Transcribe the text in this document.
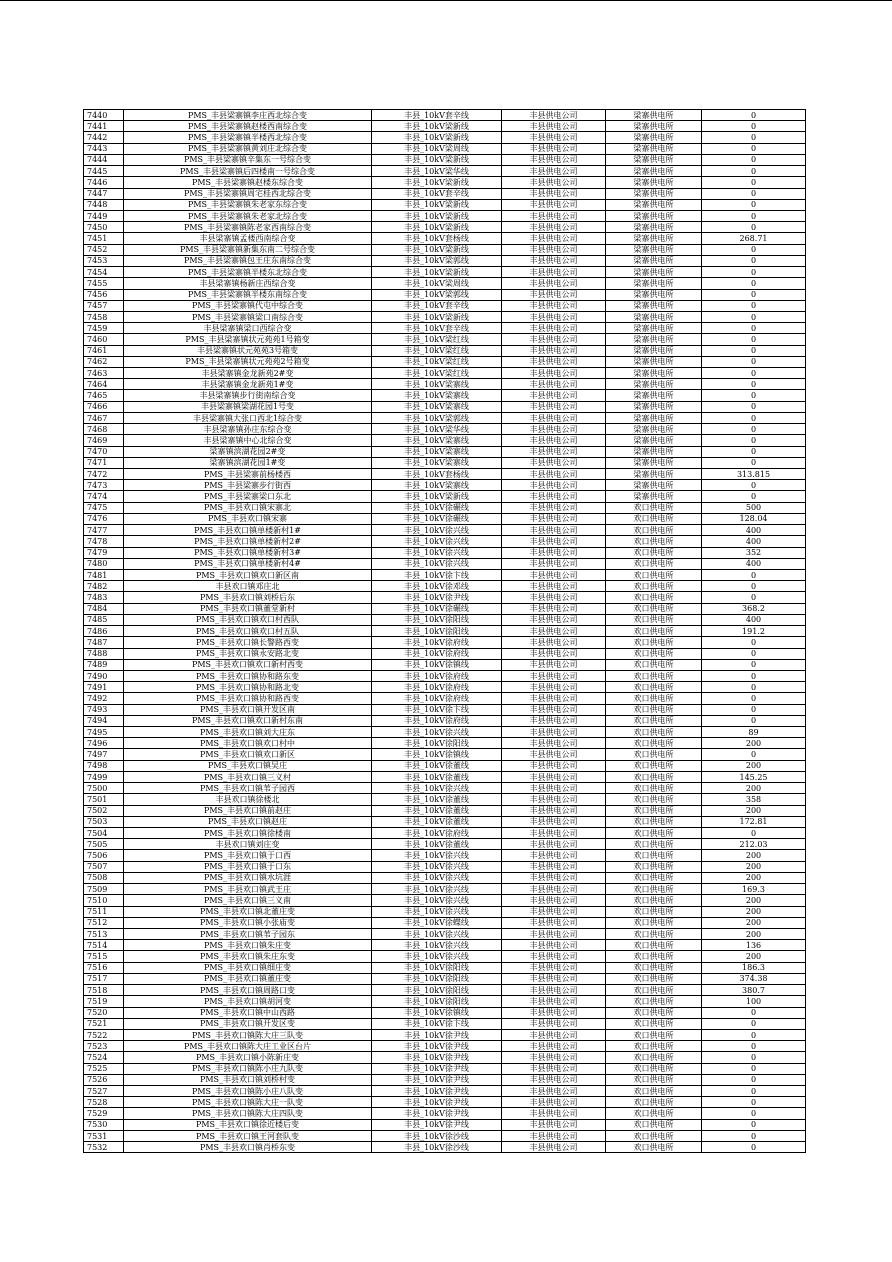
7440	PMS_丰县梁寨镇李庄西北综合变	丰县_10kV套辛线	丰县供电公司	梁寨供电所	0
7441	PMS_丰县梁寨镇赵楼西南综合变	丰县_10kV梁新线	丰县供电公司	梁寨供电所	0
7442	PMS_丰县梁寨镇半楼西北综合变	丰县_10kV梁新线	丰县供电公司	梁寨供电所	0
7443	PMS_丰县梁寨镇黄刘庄北综合变	丰县_10kV梁周线	丰县供电公司	梁寨供电所	0
7444	PMS_丰县梁寨镇辛集东一号综合变	丰县_10kV梁新线	丰县供电公司	梁寨供电所	0
7445	PMS_丰县梁寨镇后四楼南一号综合变	丰县_10kV梁华线	丰县供电公司	梁寨供电所	0
7446	PMS_丰县梁寨镇赵楼东综合变	丰县_10kV梁新线	丰县供电公司	梁寨供电所	0
7447	PMS_丰县梁寨镇周宅桂西北综合变	丰县_10kV套辛线	丰县供电公司	梁寨供电所	0
7448	PMS_丰县梁寨镇朱老家东综合变	丰县_10kV梁新线	丰县供电公司	梁寨供电所	0
7449	PMS_丰县梁寨镇朱老家北综合变	丰县_10kV梁新线	丰县供电公司	梁寨供电所	0
7450	PMS_丰县梁寨镇陈老家西南综合变	丰县_10kV梁新线	丰县供电公司	梁寨供电所	0
7451	丰县梁寨镇孟楼西南综合变	丰县_10kV套杨线	丰县供电公司	梁寨供电所	268.71
7452	PMS_丰县梁寨镇新集东南二号综合变	丰县_10kV梁新线	丰县供电公司	梁寨供电所	0
7453	PMS_丰县梁寨镇包王庄东南综合变	丰县_10kV梁郭线	丰县供电公司	梁寨供电所	0
7454	PMS_丰县梁寨镇半楼东北综合变	丰县_10kV梁新线	丰县供电公司	梁寨供电所	0
7455	丰县梁寨镇杨新庄西综合变	丰县_10kV梁周线	丰县供电公司	梁寨供电所	0
7456	PMS_丰县梁寨镇半楼东南综合变	丰县_10kV梁郭线	丰县供电公司	梁寨供电所	0
7457	PMS_丰县梁寨镇代屯中综合变	丰县_10kV套辛线	丰县供电公司	梁寨供电所	0
7458	PMS_丰县梁寨镇梁口南综合变	丰县_10kV梁新线	丰县供电公司	梁寨供电所	0
7459	丰县梁寨镇梁口西综合变	丰县_10kV套辛线	丰县供电公司	梁寨供电所	0
7460	PMS_丰县梁寨镇状元苑苑1号箱变	丰县_10kV梁红线	丰县供电公司	梁寨供电所	0
7461	丰县梁寨镇状元苑苑3号箱变	丰县_10kV梁红线	丰县供电公司	梁寨供电所	0
7462	PMS_丰县梁寨镇状元苑苑2号箱变	丰县_10kV梁红线	丰县供电公司	梁寨供电所	0
7463	丰县梁寨镇金龙新苑2#变	丰县_10kV梁红线	丰县供电公司	梁寨供电所	0
7464	丰县梁寨镇金龙新苑1#变	丰县_10kV梁寨线	丰县供电公司	梁寨供电所	0
7465	丰县梁寨镇步行街南综合变	丰县_10kV梁寨线	丰县供电公司	梁寨供电所	0
7466	丰县梁寨镇梁湖花园1号变	丰县_10kV梁寨线	丰县供电公司	梁寨供电所	0
7467	丰县梁寨镇大张口西北1综合变	丰县_10kV梁郭线	丰县供电公司	梁寨供电所	0
7468	丰县梁寨镇孙庄东综合变	丰县_10kV梁华线	丰县供电公司	梁寨供电所	0
7469	丰县梁寨镇中心北综合变	丰县_10kV梁寨线	丰县供电公司	梁寨供电所	0
7470	梁寨镇滨湖花园2#变	丰县_10kV梁寨线	丰县供电公司	梁寨供电所	0
7471	梁寨镇滨湖花园1#变	丰县_10kV梁寨线	丰县供电公司	梁寨供电所	0
7472	PMS_丰县梁寨前杨楼西	丰县_10kV套杨线	丰县供电公司	梁寨供电所	313.815
7473	PMS_丰县梁寨步行街西	丰县_10kV梁寨线	丰县供电公司	梁寨供电所	0
7474	PMS_丰县梁寨梁口东北	丰县_10kV梁新线	丰县供电公司	梁寨供电所	0
7475	PMS_丰县欢口镇宋寨北	丰县_10kV徐碾线	丰县供电公司	欢口供电所	500
7476	PMS_丰县欢口镇宋寨	丰县_10kV徐碾线	丰县供电公司	欢口供电所	128.04
7477	PMS_丰县欢口镇单楼新村1#	丰县_10kV徐兴线	丰县供电公司	欢口供电所	400
7478	PMS_丰县欢口镇单楼新村2#	丰县_10kV徐兴线	丰县供电公司	欢口供电所	400
7479	PMS_丰县欢口镇单楼新村3#	丰县_10kV徐兴线	丰县供电公司	欢口供电所	352
7480	PMS_丰县欢口镇单楼新村4#	丰县_10kV徐兴线	丰县供电公司	欢口供电所	400
7481	PMS_丰县欢口镇欢口新区南	丰县_10kV徐卞线	丰县供电公司	欢口供电所	0
7482	丰县欢口镇邓庄北	丰县_10kV徐邓线	丰县供电公司	欢口供电所	0
7483	PMS_丰县欢口镇刘桥后东	丰县_10kV徐尹线	丰县供电公司	欢口供电所	0
7484	PMS_丰县欢口镇董堂新村	丰县_10kV徐碾线	丰县供电公司	欢口供电所	368.2
7485	PMS_丰县欢口镇欢口村西队	丰县_10kV徐阳线	丰县供电公司	欢口供电所	400
7486	PMS_丰县欢口镇欢口村五队	丰县_10kV徐阳线	丰县供电公司	欢口供电所	191.2
7487	PMS_丰县欢口镇长警路西变	丰县_10kV徐府线	丰县供电公司	欢口供电所	0
7488	PMS_丰县欢口镇永安路北变	丰县_10kV徐府线	丰县供电公司	欢口供电所	0
7489	PMS_丰县欢口镇欢口新村西变	丰县_10kV徐镇线	丰县供电公司	欢口供电所	0
7490	PMS_丰县欢口镇协和路东变	丰县_10kV徐府线	丰县供电公司	欢口供电所	0
7491	PMS_丰县欢口镇协和路北变	丰县_10kV徐府线	丰县供电公司	欢口供电所	0
7492	PMS_丰县欢口镇协和路西变	丰县_10kV徐府线	丰县供电公司	欢口供电所	0
7493	PMS_丰县欢口镇开发区南	丰县_10kV徐卞线	丰县供电公司	欢口供电所	0
7494	PMS_丰县欢口镇欢口新村东南	丰县_10kV徐府线	丰县供电公司	欢口供电所	0
7495	PMS_丰县欢口镇刘大庄东	丰县_10kV徐兴线	丰县供电公司	欢口供电所	89
7496	PMS_丰县欢口镇欢口村中	丰县_10kV徐阳线	丰县供电公司	欢口供电所	200
7497	PMS_丰县欢口镇欢口新区	丰县_10kV徐镇线	丰县供电公司	欢口供电所	0
7498	PMS_丰县欢口镇吴庄	丰县_10kV徐董线	丰县供电公司	欢口供电所	200
7499	PMS_丰县欢口镇三义村	丰县_10kV徐董线	丰县供电公司	欢口供电所	145.25
7500	PMS_丰县欢口镇苇子园西	丰县_10kV徐兴线	丰县供电公司	欢口供电所	200
7501	丰县欢口镇徐楼北	丰县_10kV徐董线	丰县供电公司	欢口供电所	358
7502	PMS_丰县欢口镇前赵庄	丰县_10kV徐董线	丰县供电公司	欢口供电所	200
7503	PMS_丰县欢口镇赵庄	丰县_10kV徐董线	丰县供电公司	欢口供电所	172.81
7504	PMS_丰县欢口镇徐楼南	丰县_10kV徐府线	丰县供电公司	欢口供电所	0
7505	丰县欢口镇刘庄变	丰县_10kV徐董线	丰县供电公司	欢口供电所	212.03
7506	PMS_丰县欢口镇于口西	丰县_10kV徐兴线	丰县供电公司	欢口供电所	200
7507	PMS_丰县欢口镇于口东	丰县_10kV徐兴线	丰县供电公司	欢口供电所	200
7508	PMS_丰县欢口镇水坑涯	丰县_10kV徐兴线	丰县供电公司	欢口供电所	200
7509	PMS_丰县欢口镇武王庄	丰县_10kV徐兴线	丰县供电公司	欢口供电所	169.3
7510	PMS_丰县欢口镇三义南	丰县_10kV徐兴线	丰县供电公司	欢口供电所	200
7511	PMS_丰县欢口镇北董庄变	丰县_10kV徐兴线	丰县供电公司	欢口供电所	200
7512	PMS_丰县欢口镇小张庙变	丰县_10kV徐蝶线	丰县供电公司	欢口供电所	200
7513	PMS_丰县欢口镇苇子园东	丰县_10kV徐兴线	丰县供电公司	欢口供电所	200
7514	PMS_丰县欢口镇朱庄变	丰县_10kV徐兴线	丰县供电公司	欢口供电所	136
7515	PMS_丰县欢口镇朱庄东变	丰县_10kV徐兴线	丰县供电公司	欢口供电所	200
7516	PMS_丰县欢口镇细庄变	丰县_10kV徐阳线	丰县供电公司	欢口供电所	186.3
7517	PMS_丰县欢口镇董庄变	丰县_10kV徐阳线	丰县供电公司	欢口供电所	374.38
7518	PMS_丰县欢口镇周路口变	丰县_10kV徐阳线	丰县供电公司	欢口供电所	380.7
7519	PMS_丰县欢口镇胡河变	丰县_10kV徐阳线	丰县供电公司	欢口供电所	100
7520	PMS_丰县欢口镇中山西路	丰县_10kV徐镇线	丰县供电公司	欢口供电所	0
7521	PMS_丰县欢口镇开发区变	丰县_10kV徐卞线	丰县供电公司	欢口供电所	0
7522	PMS_丰县欢口镇陈大庄三队变	丰县_10kV徐尹线	丰县供电公司	欢口供电所	0
7523	PMS_丰县欢口镇陈大庄工业区台片	丰县_10kV徐尹线	丰县供电公司	欢口供电所	0
7524	PMS_丰县欢口镇小陈新庄变	丰县_10kV徐尹线	丰县供电公司	欢口供电所	0
7525	PMS_丰县欢口镇陈小庄九队变	丰县_10kV徐尹线	丰县供电公司	欢口供电所	0
7526	PMS_丰县欢口镇刘桥村变	丰县_10kV徐尹线	丰县供电公司	欢口供电所	0
7527	PMS_丰县欢口镇陈小庄八队变	丰县_10kV徐尹线	丰县供电公司	欢口供电所	0
7528	PMS_丰县欢口镇陈大庄一队变	丰县_10kV徐尹线	丰县供电公司	欢口供电所	0
7529	PMS_丰县欢口镇陈大庄四队变	丰县_10kV徐尹线	丰县供电公司	欢口供电所	0
7530	PMS_丰县欢口镇徐近楼后变	丰县_10kV徐尹线	丰县供电公司	欢口供电所	0
7531	PMS_丰县欢口镇王河套队变	丰县_10kV徐沙线	丰县供电公司	欢口供电所	0
7532	PMS_丰县欢口镇肖桥东变	丰县_10kV徐沙线	丰县供电公司	欢口供电所	0
